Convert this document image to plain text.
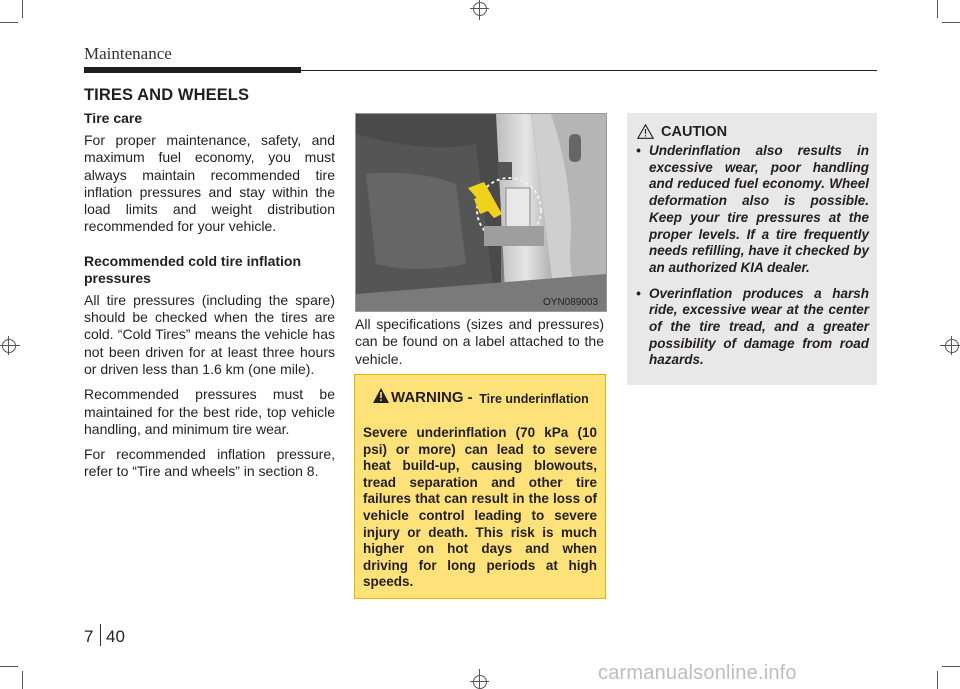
Maintenance
TIRES AND WHEELS
Tire care

For proper maintenance, safety, and maximum fuel economy, you must always maintain recommended tire inflation pressures and stay within the load limits and weight distribution recommended for your vehicle.

Recommended cold tire inflation pressures

All tire pressures (including the spare) should be checked when the tires are cold. “Cold Tires” means the vehicle has not been driven for at least three hours or driven less than 1.6 km (one mile).

Recommended pressures must be maintained for the best ride, top vehicle handling, and minimum tire wear.

For recommended inflation pressure, refer to “Tire and wheels” in section 8.

OYN089003

All specifications (sizes and pressures) can be found on a label attached to the vehicle.

WARNING - Tire underinflation

Severe underinflation (70 kPa (10 psi) or more) can lead to severe heat build-up, causing blowouts, tread separation and other tire failures that can result in the loss of vehicle control leading to severe injury or death. This risk is much higher on hot days and when driving for long periods at high speeds.

CAUTION
• Underinflation also results in excessive wear, poor handling and reduced fuel economy. Wheel deformation also is possible. Keep your tire pressures at the proper levels. If a tire frequently needs refilling, have it checked by an authorized KIA dealer.
• Overinflation produces a harsh ride, excessive wear at the center of the tire tread, and a greater possibility of damage from road hazards.
7 40
carmanualsonline.info
